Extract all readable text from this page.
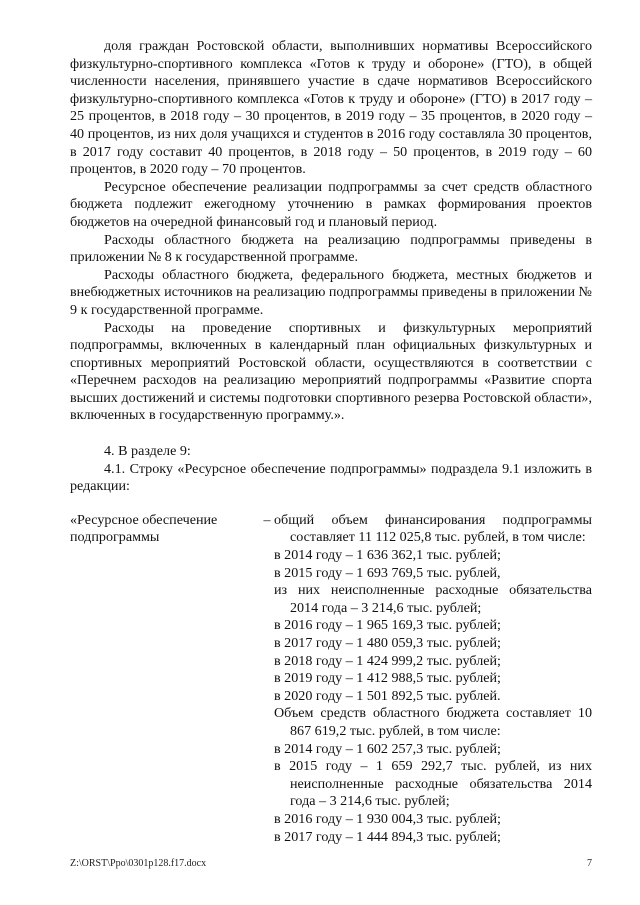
доля граждан Ростовской области, выполнивших нормативы Всероссийского физкультурно-спортивного комплекса «Готов к труду и обороне» (ГТО), в общей численности населения, принявшего участие в сдаче нормативов Всероссийского физкультурно-спортивного комплекса «Готов к труду и обороне» (ГТО) в 2017 году – 25 процентов, в 2018 году – 30 процентов, в 2019 году – 35 процентов, в 2020 году – 40 процентов, из них доля учащихся и студентов в 2016 году составляла 30 процентов, в 2017 году составит 40 процентов, в 2018 году – 50 процентов, в 2019 году – 60 процентов, в 2020 году – 70 процентов.

Ресурсное обеспечение реализации подпрограммы за счет средств областного бюджета подлежит ежегодному уточнению в рамках формирования проектов бюджетов на очередной финансовый год и плановый период.

Расходы областного бюджета на реализацию подпрограммы приведены в приложении № 8 к государственной программе.

Расходы областного бюджета, федерального бюджета, местных бюджетов и внебюджетных источников на реализацию подпрограммы приведены в приложении № 9 к государственной программе.

Расходы на проведение спортивных и физкультурных мероприятий подпрограммы, включенных в календарный план официальных физкультурных и спортивных мероприятий Ростовской области, осуществляются в соответствии с «Перечнем расходов на реализацию мероприятий подпрограммы «Развитие спорта высших достижений и системы подготовки спортивного резерва Ростовской области», включенных в государственную программу.».

4. В разделе 9:

4.1. Строку «Ресурсное обеспечение подпрограммы» подраздела 9.1 изложить в редакции:

«Ресурсное обеспечение подпрограммы
– общий объем финансирования подпрограммы составляет 11 112 025,8 тыс. рублей, в том числе:

в 2014 году – 1 636 362,1 тыс. рублей;

в 2015 году – 1 693 769,5 тыс. рублей,

из них неисполненные расходные обязательства 2014 года – 3 214,6 тыс. рублей;

в 2016 году – 1 965 169,3 тыс. рублей;

в 2017 году – 1 480 059,3 тыс. рублей;

в 2018 году – 1 424 999,2 тыс. рублей;

в 2019 году – 1 412 988,5 тыс. рублей;

в 2020 году – 1 501 892,5 тыс. рублей.

Объем средств областного бюджета составляет 10 867 619,2 тыс. рублей, в том числе:

в 2014 году – 1 602 257,3 тыс. рублей;

в 2015 году – 1 659 292,7 тыс. рублей, из них неисполненные расходные обязательства 2014 года – 3 214,6 тыс. рублей;

в 2016 году – 1 930 004,3 тыс. рублей;

в 2017 году – 1 444 894,3 тыс. рублей;

Z:\ORST\Ppo\0301p128.f17.docx	7
